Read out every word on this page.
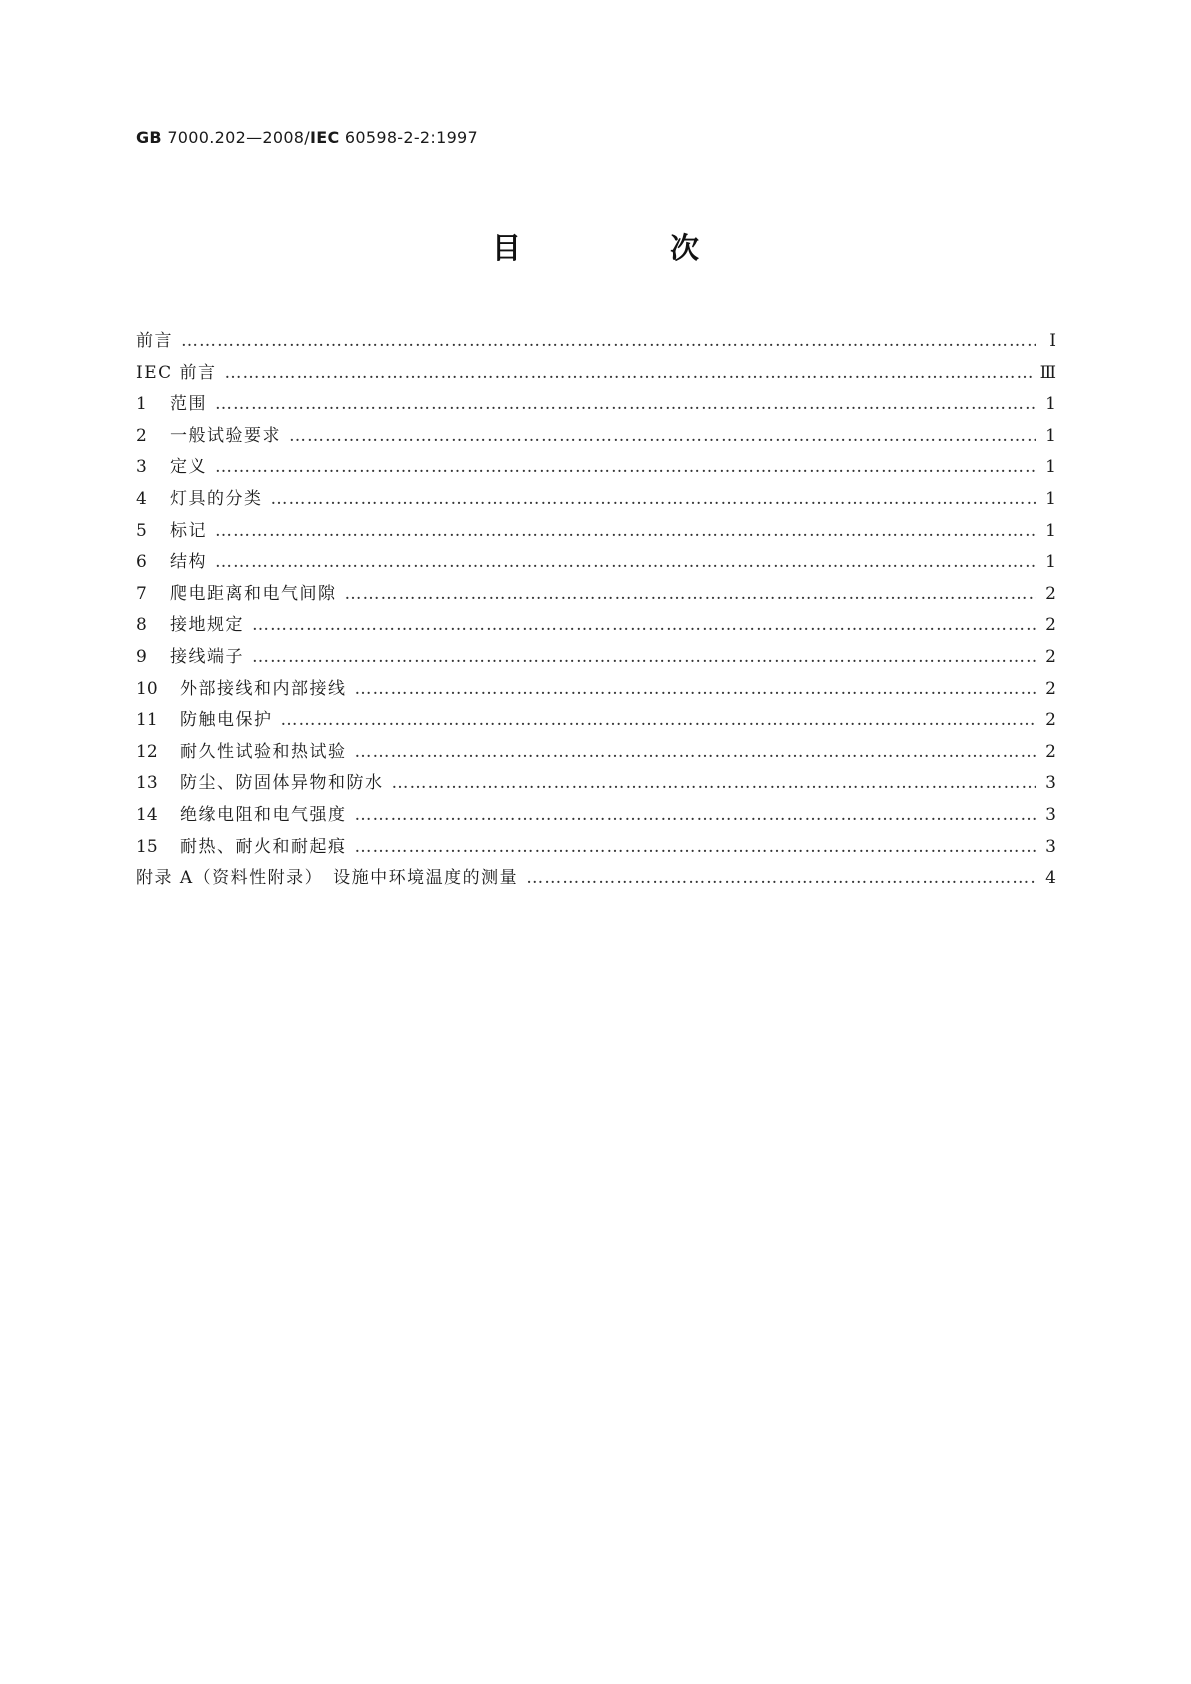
GB 7000.202—2008/IEC 60598-2-2:1997
目　次
前言 …………………………………………………………………………………………………………………………………………………………………………………………………………………	Ⅰ
IEC 前言 …………………………………………………………………………………………………………………………………………………………………………………………………………………	Ⅲ
1	范围 …………………………………………………………………………………………………………………………………………………………………………………………………………………	1
2	一般试验要求 …………………………………………………………………………………………………………………………………………………………………………………………………………………	1
3	定义 …………………………………………………………………………………………………………………………………………………………………………………………………………………	1
4	灯具的分类 …………………………………………………………………………………………………………………………………………………………………………………………………………………	1
5	标记 …………………………………………………………………………………………………………………………………………………………………………………………………………………	1
6	结构 …………………………………………………………………………………………………………………………………………………………………………………………………………………	1
7	爬电距离和电气间隙 …………………………………………………………………………………………………………………………………………………………………………………………………………………	2
8	接地规定 …………………………………………………………………………………………………………………………………………………………………………………………………………………	2
9	接线端子 …………………………………………………………………………………………………………………………………………………………………………………………………………………	2
10	外部接线和内部接线 …………………………………………………………………………………………………………………………………………………………………………………………………………………	2
11	防触电保护 …………………………………………………………………………………………………………………………………………………………………………………………………………………	2
12	耐久性试验和热试验 …………………………………………………………………………………………………………………………………………………………………………………………………………………	2
13	防尘、防固体异物和防水 …………………………………………………………………………………………………………………………………………………………………………………………………………………	3
14	绝缘电阻和电气强度 …………………………………………………………………………………………………………………………………………………………………………………………………………………	3
15	耐热、耐火和耐起痕 …………………………………………………………………………………………………………………………………………………………………………………………………………………	3
附录 A（资料性附录）　设施中环境温度的测量 …………………………………………………………………………………………………………………………………………………………………………………………………………………	4
